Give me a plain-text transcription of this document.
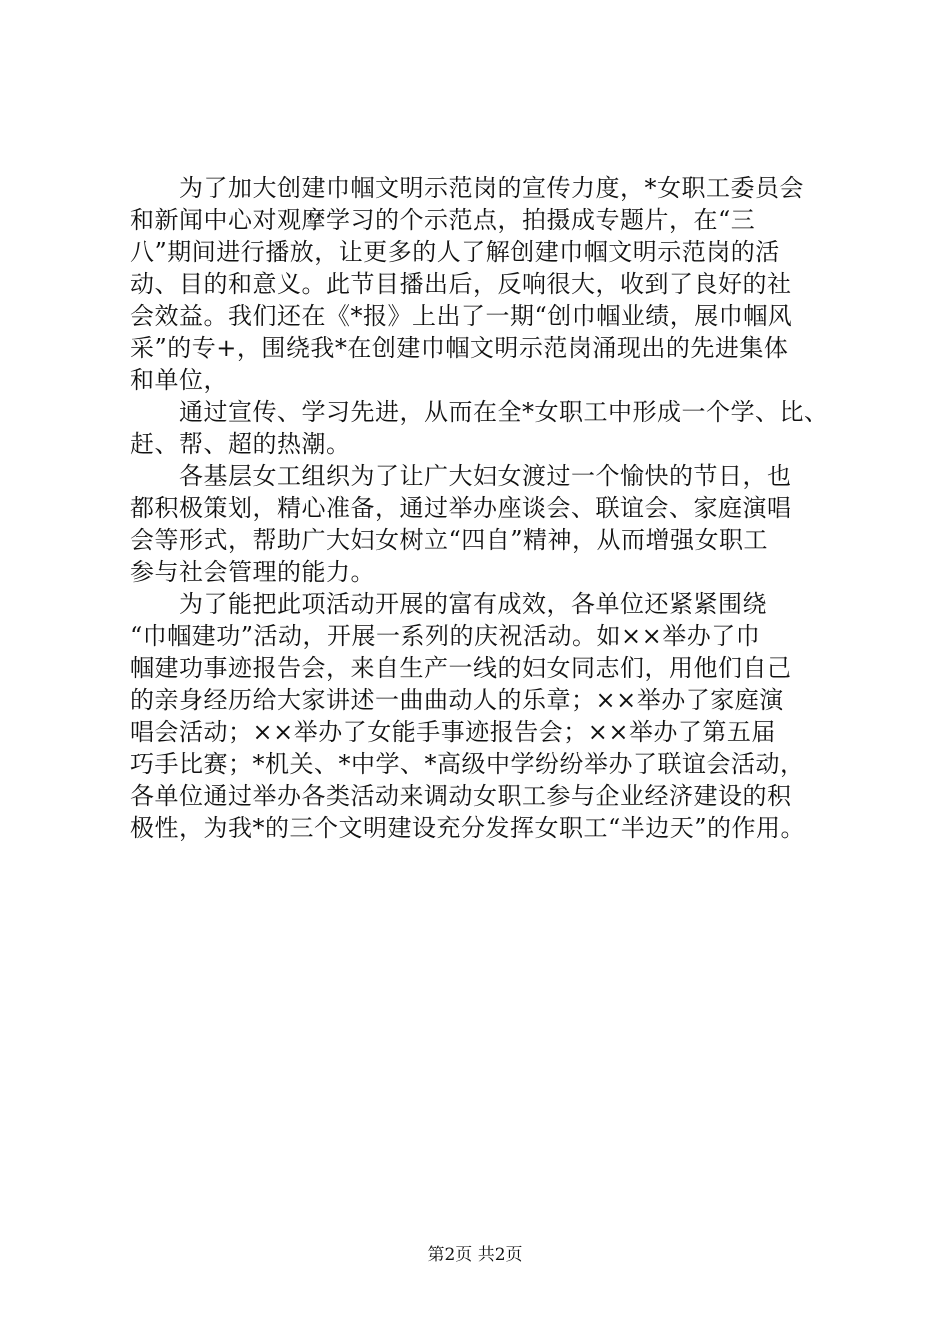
　　为了加大创建巾帼文明示范岗的宣传力度，*女职工委员会
和新闻中心对观摩学习的个示范点，拍摄成专题片，在“三
八”期间进行播放，让更多的人了解创建巾帼文明示范岗的活
动、目的和意义。此节目播出后，反响很大，收到了良好的社
会效益。我们还在《*报》上出了一期“创巾帼业绩，展巾帼风
采”的专+，围绕我*在创建巾帼文明示范岗涌现出的先进集体
和单位，
　　通过宣传、学习先进，从而在全*女职工中形成一个学、比、
赶、帮、超的热潮。
　　各基层女工组织为了让广大妇女渡过一个愉快的节日，也
都积极策划，精心准备，通过举办座谈会、联谊会、家庭演唱
会等形式，帮助广大妇女树立“四自”精神，从而增强女职工
参与社会管理的能力。
　　为了能把此项活动开展的富有成效，各单位还紧紧围绕
“巾帼建功”活动，开展一系列的庆祝活动。如××举办了巾
帼建功事迹报告会，来自生产一线的妇女同志们，用他们自己
的亲身经历给大家讲述一曲曲动人的乐章；××举办了家庭演
唱会活动；××举办了女能手事迹报告会；××举办了第五届
巧手比赛；*机关、*中学、*高级中学纷纷举办了联谊会活动，
各单位通过举办各类活动来调动女职工参与企业经济建设的积
极性，为我*的三个文明建设充分发挥女职工“半边天”的作用。
第2页 共2页
